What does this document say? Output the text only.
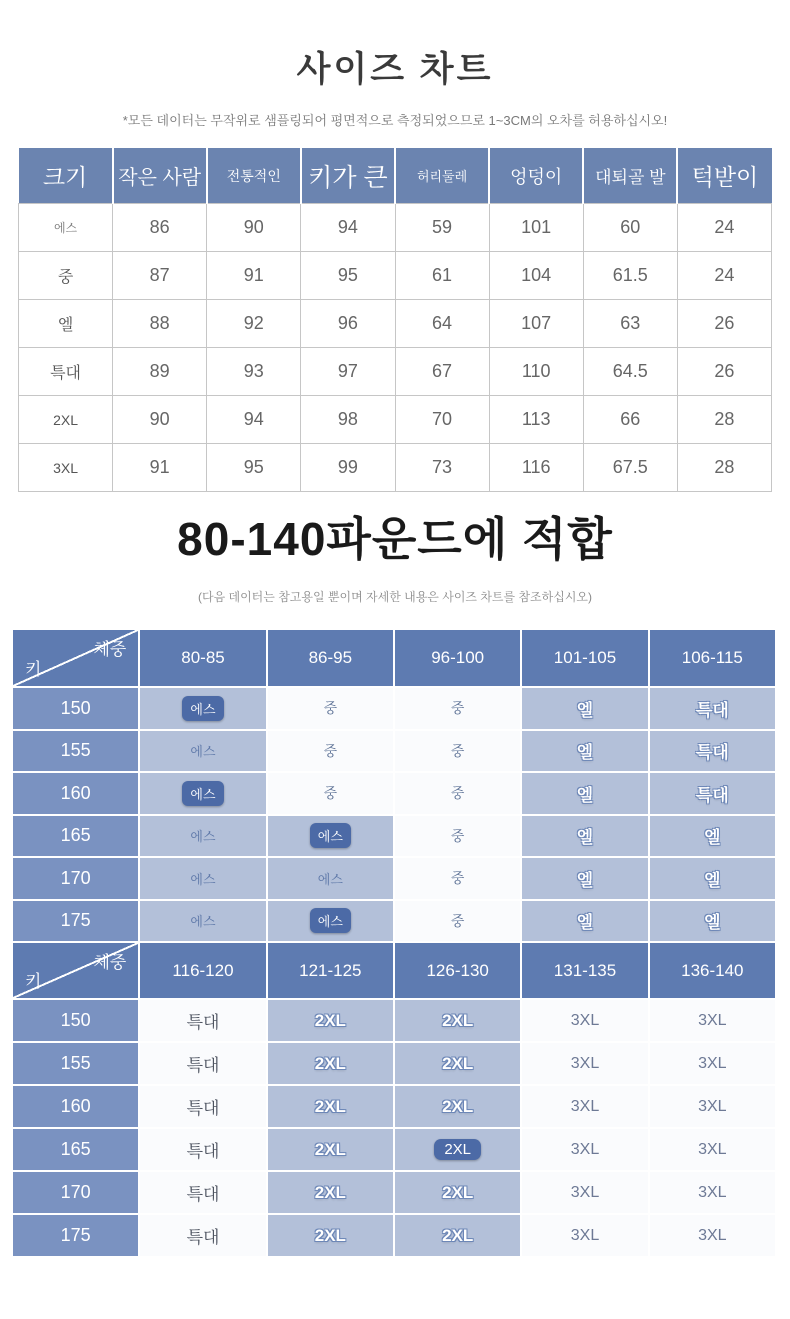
사이즈 차트
*모든 데이터는 무작위로 샘플링되어 평면적으로 측정되었으므로 1~3CM의 오차를 허용하십시오!
크기	작은 사람	전통적인	키가 큰	허리둘레	엉덩이	대퇴골 발	턱받이
에스	86	90	94	59	101	60	24
중	87	91	95	61	104	61.5	24
엘	88	92	96	64	107	63	26
특대	89	93	97	67	110	64.5	26
2XL	90	94	98	70	113	66	28
3XL	91	95	99	73	116	67.5	28
80-140파운드에 적합
(다음 데이터는 참고용일 뿐이며 자세한 내용은 사이즈 차트를 참조하십시오)
체중
키
80-85	86-95	96-100	101-105	106-115
150	에스	중	중	엘	특대
155	에스	중	중	엘	특대
160	에스	중	중	엘	특대
165	에스	에스	중	엘	엘
170	에스	에스	중	엘	엘
175	에스	에스	중	엘	엘
체중
키
116-120	121-125	126-130	131-135	136-140
150	특대	2XL	2XL	3XL	3XL
155	특대	2XL	2XL	3XL	3XL
160	특대	2XL	2XL	3XL	3XL
165	특대	2XL	2XL	3XL	3XL
170	특대	2XL	2XL	3XL	3XL
175	특대	2XL	2XL	3XL	3XL
